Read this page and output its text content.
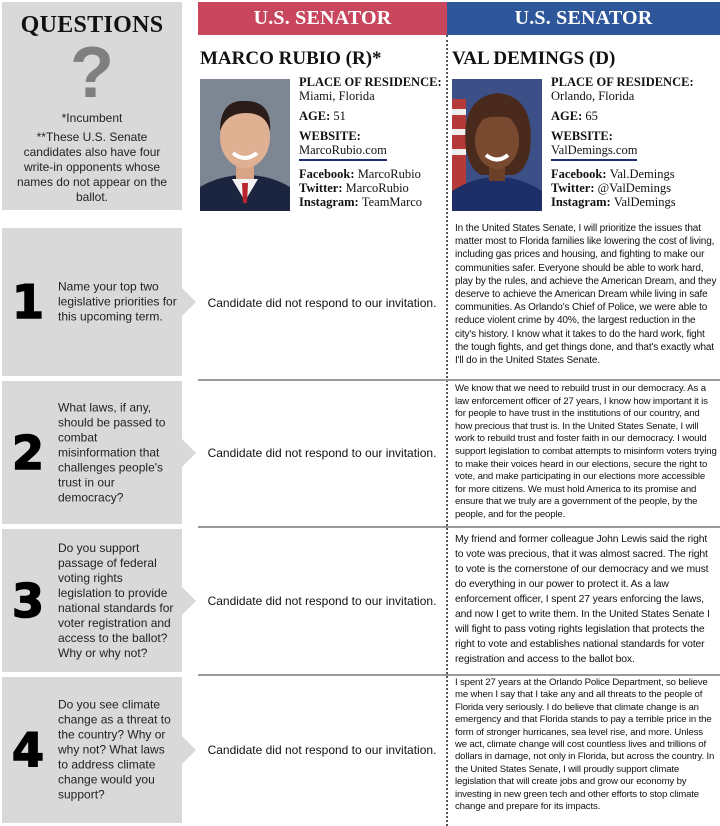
QUESTIONS
?
*Incumbent
**These U.S. Senate candidates also have four write-in opponents whose names do not appear on the ballot.
U.S. SENATOR	U.S. SENATOR
MARCO RUBIO (R)*
PLACE OF RESIDENCE:
Miami, Florida
AGE: 51
WEBSITE:
MarcoRubio.com
Facebook: MarcoRubio
Twitter: MarcoRubio
Instagram: TeamMarco
VAL DEMINGS (D)
PLACE OF RESIDENCE:
Orlando, Florida
AGE: 65
WEBSITE:
ValDemings.com
Facebook: Val.Demings
Twitter: @ValDemings
Instagram: ValDemings
1 Name your top two legislative priorities for this upcoming term.
Candidate did not respond to our invitation.
In the United States Senate, I will prioritize the issues that matter most to Florida families like lowering the cost of living, including gas prices and housing, and fighting to make our communities safer. Everyone should be able to work hard, play by the rules, and achieve the American Dream, and they deserve to achieve the American Dream while living in safe communities. As Orlando's Chief of Police, we were able to reduce violent crime by 40%, the largest reduction in the city's history. I know what it takes to do the hard work, fight the tough fights, and get things done, and that's exactly what I'll do in the United States Senate.
2
What laws, if any, should be passed to combat misinformation that challenges people's trust in our democracy?
Candidate did not respond to our invitation.
We know that we need to rebuild trust in our democracy. As a law enforcement officer of 27 years, I know how important it is for people to have trust in the institutions of our country, and how precious that trust is. In the United States Senate, I will work to rebuild trust and foster faith in our democracy. I would support legislation to combat attempts to misinform voters trying to make their voices heard in our elections, secure the right to vote, and make participating in our elections more accessible for more citizens. We must hold America to its promise and ensure that we truly are a government of the people, by the people, and for the people.
3
Do you support passage of federal voting rights legislation to provide national standards for voter registration and access to the ballot? Why or why not?
Candidate did not respond to our invitation.
My friend and former colleague John Lewis said the right to vote was precious, that it was almost sacred. The right to vote is the cornerstone of our democracy and we must do everything in our power to protect it. As a law enforcement officer, I spent 27 years enforcing the laws, and now I get to write them. In the United States Senate I will fight to pass voting rights legislation that protects the right to vote and establishes national standards for voter registration and access to the ballot box.
4
Do you see climate change as a threat to the country? Why or why not? What laws to address climate change would you support?
Candidate did not respond to our invitation.
I spent 27 years at the Orlando Police Department, so believe me when I say that I take any and all threats to the people of Florida very seriously. I do believe that climate change is an emergency and that Florida stands to pay a terrible price in the form of stronger hurricanes, sea level rise, and more. Unless we act, climate change will cost countless lives and trillions of dollars in damage, not only in Florida, but across the country. In the United States Senate, I will proudly support climate legislation that will create jobs and grow our economy by investing in new green tech and other efforts to stop climate change and prepare for its impacts.
